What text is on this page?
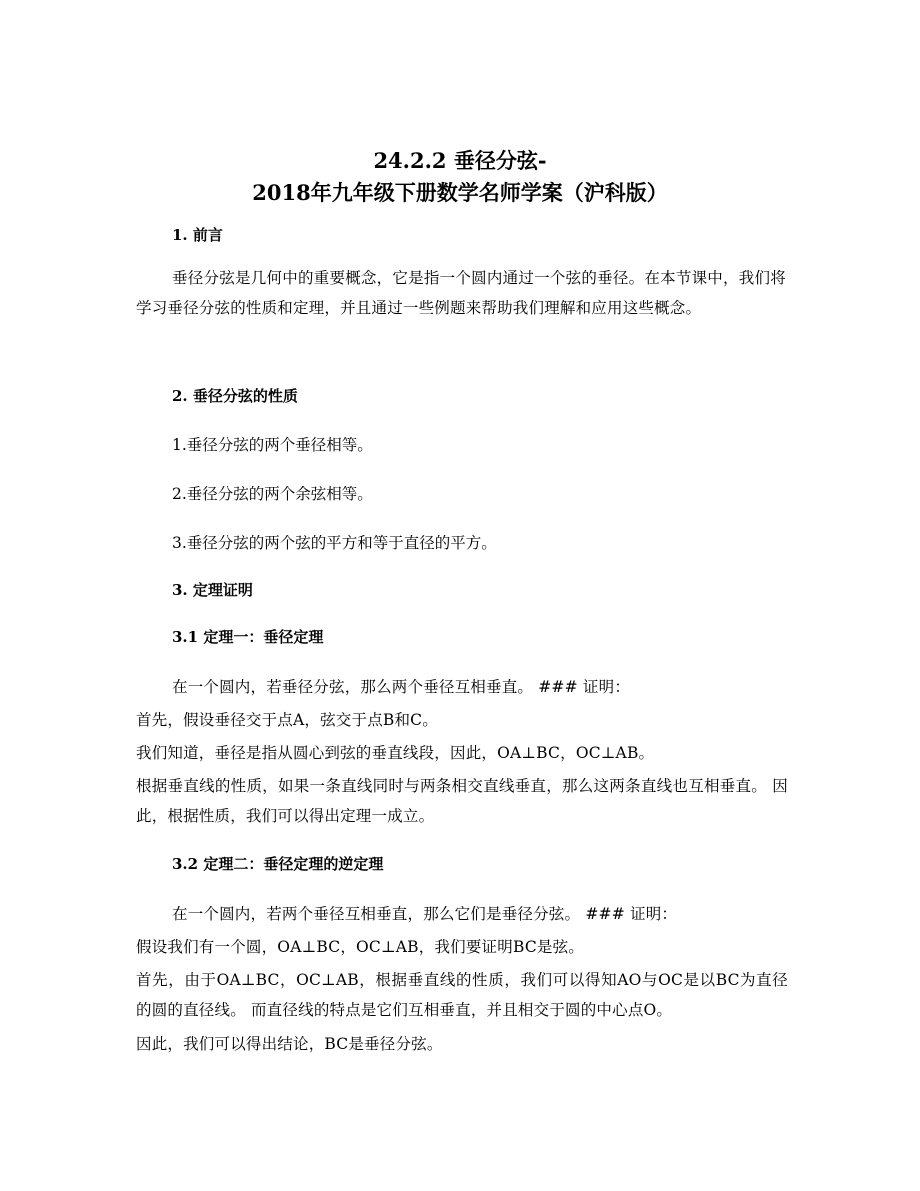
24.2.2 垂径分弦-
2018年九年级下册数学名师学案（沪科版）
1. 前言

垂径分弦是几何中的重要概念，它是指一个圆内通过一个弦的垂径。在本节课中，我们将学习垂径分弦的性质和定理，并且通过一些例题来帮助我们理解和应用这些概念。

2. 垂径分弦的性质

1.垂径分弦的两个垂径相等。

2.垂径分弦的两个余弦相等。

3.垂径分弦的两个弦的平方和等于直径的平方。

3. 定理证明
3.1 定理一：垂径定理

在一个圆内，若垂径分弦，那么两个垂径互相垂直。 ### 证明：

首先，假设垂径交于点A，弦交于点B和C。

我们知道，垂径是指从圆心到弦的垂直线段，因此，OA⊥BC，OC⊥AB。

根据垂直线的性质，如果一条直线同时与两条相交直线垂直，那么这两条直线也互相垂直。 因此，根据性质，我们可以得出定理一成立。

3.2 定理二：垂径定理的逆定理

在一个圆内，若两个垂径互相垂直，那么它们是垂径分弦。 ### 证明：

假设我们有一个圆，OA⊥BC，OC⊥AB，我们要证明BC是弦。

首先，由于OA⊥BC，OC⊥AB，根据垂直线的性质，我们可以得知AO与OC是以BC为直径的圆的直径线。 而直径线的特点是它们互相垂直，并且相交于圆的中心点O。

因此，我们可以得出结论，BC是垂径分弦。
